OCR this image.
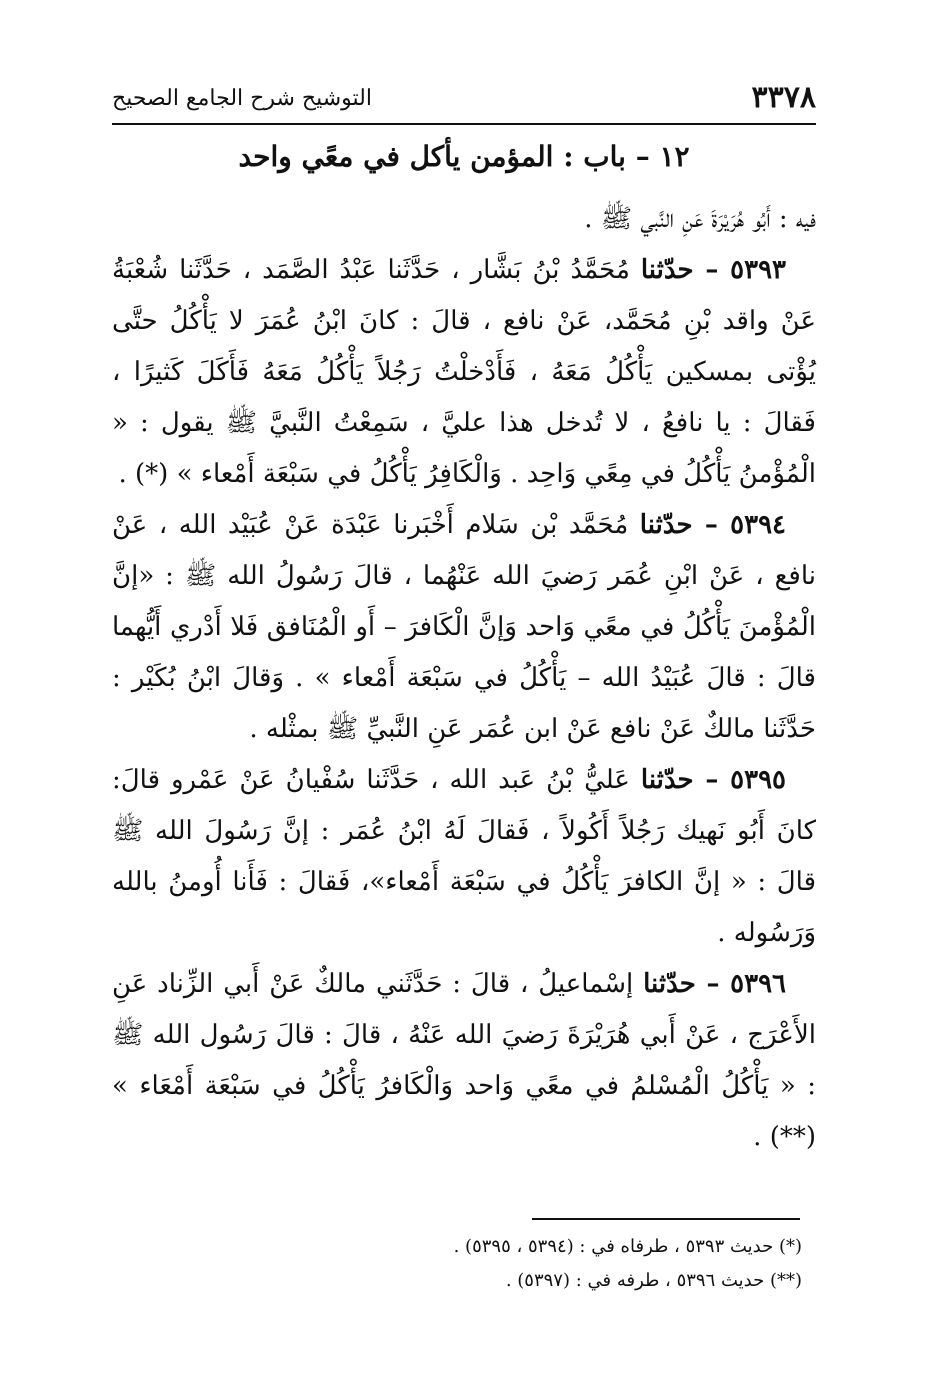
٣٣٧٨
التوشيح شرح الجامع الصحيح
١٢ – باب : المؤمن يأكل في معًي واحد

فيه : أَبُو هُرَيْرَةَ عَنِ النَّبي ﷺ .

٥٣٩٣ – حدّثنا مُحَمَّدُ بْنُ بَشَّار ، حَدَّثَنا عَبْدُ الصَّمَد ، حَدَّثَنا شُعْبَةُ عَنْ واقد بْنِ مُحَمَّد، عَنْ نافع ، قالَ : كانَ ابْنُ عُمَرَ لا يَأْكُلُ حتَّى يُؤْتى بمسكين يَأْكُلُ مَعَهُ ، فَأَدْخلْتُ رَجُلاً يَأْكُلُ مَعَهُ فَأَكَلَ كَثيرًا ، فَقالَ : يا نافعُ ، لا تُدخل هذا عليَّ ، سَمِعْتُ النَّبيَّ ﷺ يقول : « الْمُؤْمنُ يَأْكُلُ في مِعًي وَاحِد . وَالْكَافِرُ يَأْكُلُ في سَبْعَة أَمْعاء » (*) .

٥٣٩٤ – حدّثنا مُحَمَّد بْن سَلام أَخْبَرنا عَبْدَة عَنْ عُبَيْد الله ، عَنْ نافع ، عَنْ ابْنِ عُمَر رَضيَ الله عَنْهُما ، قالَ رَسُولُ الله ﷺ : «إنَّ الْمُؤْمنَ يَأْكُلُ في معًي وَاحد وَإنَّ الْكَافرَ – أَو الْمُنَافق فَلا أَدْري أَيُّهما قالَ : قالَ عُبَيْدُ الله – يَأْكُلُ في سَبْعَة أَمْعاء » . وَقالَ ابْنُ بُكَيْر : حَدَّثَنا مالكٌ عَنْ نافع عَنْ ابن عُمَر عَنِ النَّبيِّ ﷺ بمثْله .

٥٣٩٥ – حدّثنا عَليُّ بْنُ عَبد الله ، حَدَّثَنا سُفْيانُ عَنْ عَمْرو قالَ: كانَ أَبُو نَهيك رَجُلاً أَكُولاً ، فَقالَ لَهُ ابْنُ عُمَر : إنَّ رَسُولَ الله ﷺ قالَ : « إنَّ الكافرَ يَأْكُلُ في سَبْعَة أَمْعاء»، فَقالَ : فَأَنا أُومنُ بالله وَرَسُوله .

٥٣٩٦ – حدّثنا إسْماعيلُ ، قالَ : حَدَّثَني مالكٌ عَنْ أَبي الزِّناد عَنِ الأَعْرَج ، عَنْ أَبي هُرَيْرَةَ رَضيَ الله عَنْهُ ، قالَ : قالَ رَسُول الله ﷺ : « يَأْكُلُ الْمُسْلمُ في معًي وَاحد وَالْكَافرُ يَأْكُلُ في سَبْعَة أَمْعَاء » (**) .

(*) حديث ٥٣٩٣ ، طرفاه في : (٥٣٩٤ ، ٥٣٩٥) .
(**) حديث ٥٣٩٦ ، طرفه في : (٥٣٩٧) .
